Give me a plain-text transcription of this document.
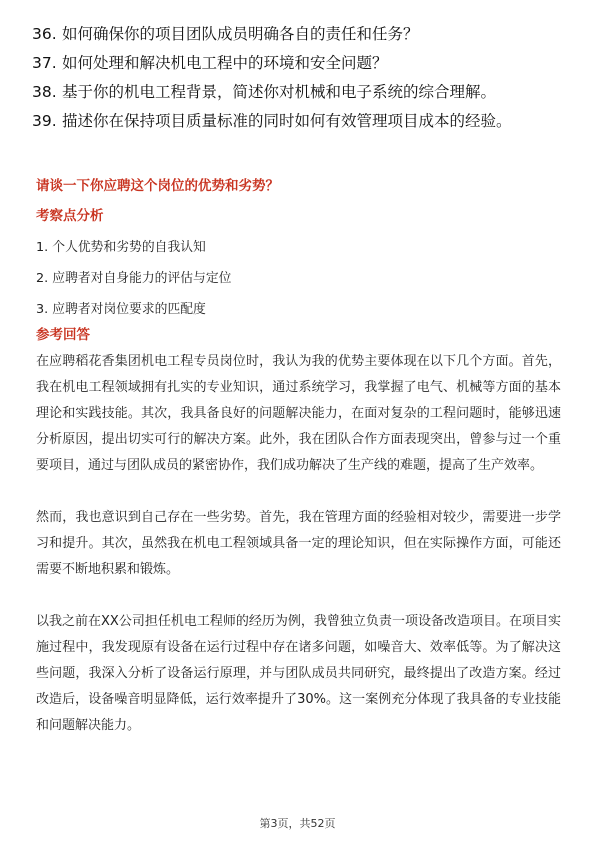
36. 如何确保你的项目团队成员明确各自的责任和任务？
37. 如何处理和解决机电工程中的环境和安全问题？
38. 基于你的机电工程背景，简述你对机械和电子系统的综合理解。
39. 描述你在保持项目质量标准的同时如何有效管理项目成本的经验。

请谈一下你应聘这个岗位的优势和劣势？

考察点分析

1. 个人优势和劣势的自我认知

2. 应聘者对自身能力的评估与定位

3. 应聘者对岗位要求的匹配度

参考回答

在应聘稻花香集团机电工程专员岗位时，我认为我的优势主要体现在以下几个方面。首先，我在机电工程领域拥有扎实的专业知识，通过系统学习，我掌握了电气、机械等方面的基本理论和实践技能。其次，我具备良好的问题解决能力，在面对复杂的工程问题时，能够迅速分析原因，提出切实可行的解决方案。此外，我在团队合作方面表现突出，曾参与过一个重要项目，通过与团队成员的紧密协作，我们成功解决了生产线的难题，提高了生产效率。

然而，我也意识到自己存在一些劣势。首先，我在管理方面的经验相对较少，需要进一步学习和提升。其次，虽然我在机电工程领域具备一定的理论知识，但在实际操作方面，可能还需要不断地积累和锻炼。

以我之前在XX公司担任机电工程师的经历为例，我曾独立负责一项设备改造项目。在项目实施过程中，我发现原有设备在运行过程中存在诸多问题，如噪音大、效率低等。为了解决这些问题，我深入分析了设备运行原理，并与团队成员共同研究，最终提出了改造方案。经过改造后，设备噪音明显降低，运行效率提升了30%。这一案例充分体现了我具备的专业技能和问题解决能力。

第3页，共52页
